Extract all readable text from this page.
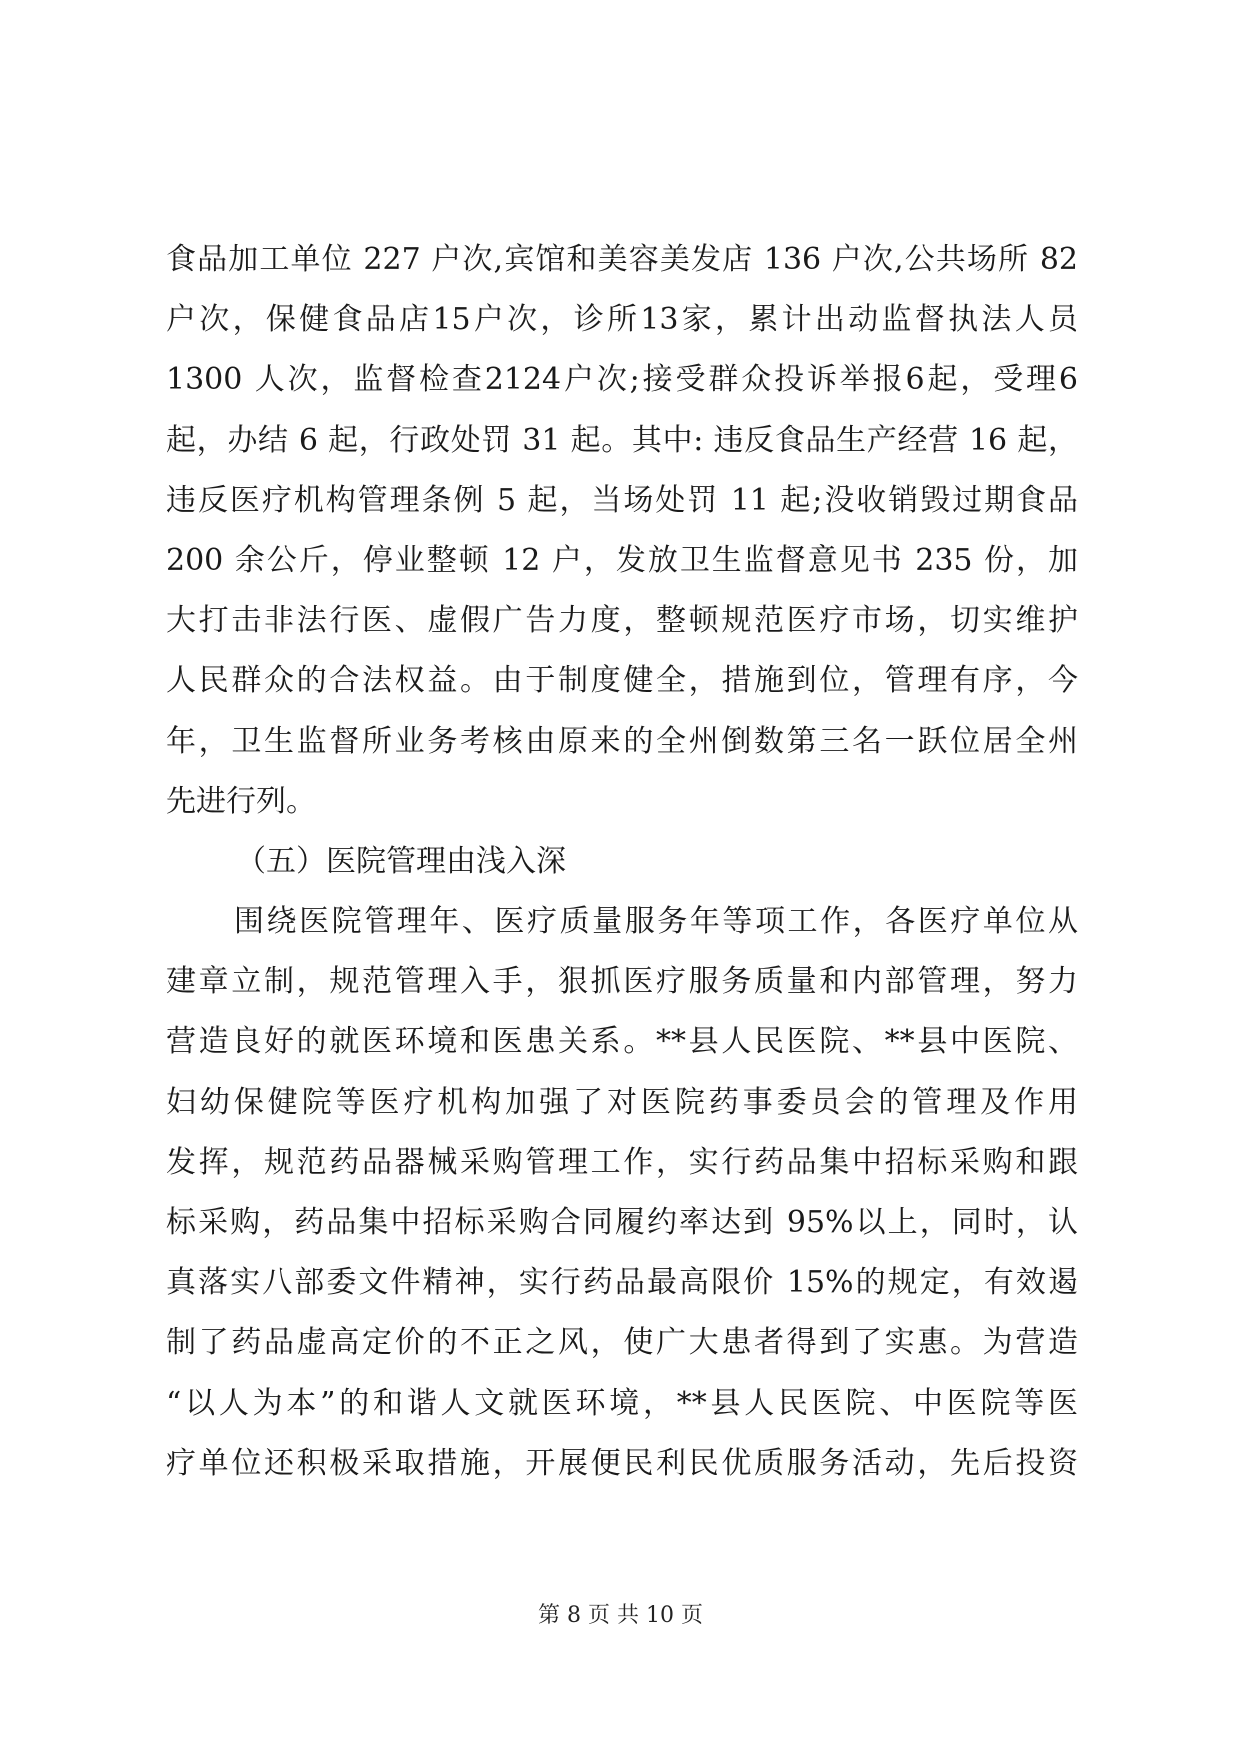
食品加工单位 227 户次,宾馆和美容美发店 136 户次,公共场所 82
户次，保健食品店15户次，诊所13家，累计出动监督执法人员
1300 人次，监督检查2124户次;接受群众投诉举报6起，受理6
起，办结 6 起，行政处罚 31 起。其中: 违反食品生产经营 16 起，
违反医疗机构管理条例 5 起，当场处罚 11 起;没收销毁过期食品
200 余公斤，停业整顿 12 户，发放卫生监督意见书 235 份，加
大打击非法行医、虚假广告力度，整顿规范医疗市场，切实维护
人民群众的合法权益。由于制度健全，措施到位，管理有序，今
年，卫生监督所业务考核由原来的全州倒数第三名一跃位居全州
先进行列。
（五）医院管理由浅入深
围绕医院管理年、医疗质量服务年等项工作，各医疗单位从
建章立制，规范管理入手，狠抓医疗服务质量和内部管理，努力
营造良好的就医环境和医患关系。**县人民医院、**县中医院、
妇幼保健院等医疗机构加强了对医院药事委员会的管理及作用
发挥，规范药品器械采购管理工作，实行药品集中招标采购和跟
标采购，药品集中招标采购合同履约率达到 95%以上，同时，认
真落实八部委文件精神，实行药品最高限价 15%的规定，有效遏
制了药品虚高定价的不正之风，使广大患者得到了实惠。为营造
“以人为本”的和谐人文就医环境，**县人民医院、中医院等医
疗单位还积极采取措施，开展便民利民优质服务活动，先后投资
第 8 页 共 10 页
